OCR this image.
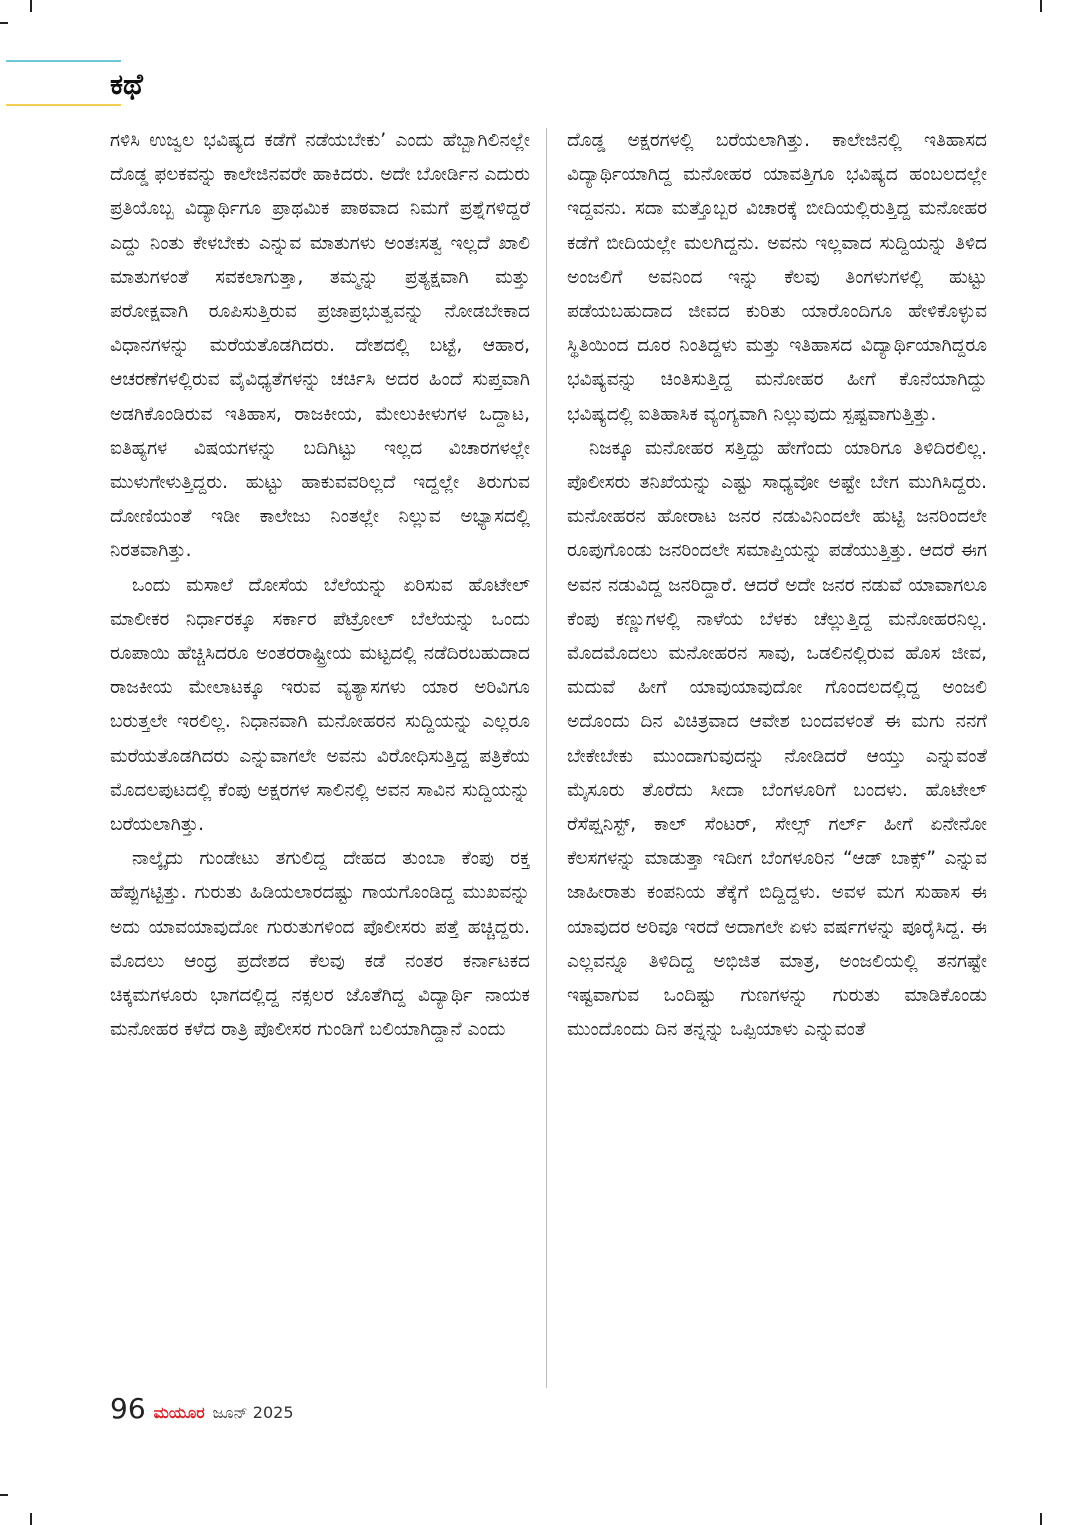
ಕಥೆ

ಗಳಿಸಿ ಉಜ್ವಲ ಭವಿಷ್ಯದ ಕಡೆಗೆ ನಡೆಯಬೇಕು’ ಎಂದು ಹೆಬ್ಬಾಗಿಲಿನಲ್ಲೇ ದೊಡ್ಡ ಫಲಕವನ್ನು ಕಾಲೇಜಿನವರೇ ಹಾಕಿದರು. ಅದೇ ಬೋರ್ಡಿನ ಎದುರು ಪ್ರತಿಯೊಬ್ಬ ವಿದ್ಯಾರ್ಥಿಗೂ ಪ್ರಾಥಮಿಕ ಪಾಠವಾದ ನಿಮಗೆ ಪ್ರಶ್ನೆಗಳಿದ್ದರೆ ಎದ್ದು ನಿಂತು ಕೇಳಬೇಕು ಎನ್ನುವ ಮಾತುಗಳು ಅಂತಃಸತ್ವ ಇಲ್ಲದೆ ಖಾಲಿ ಮಾತುಗಳಂತೆ ಸವಕಲಾಗುತ್ತಾ, ತಮ್ಮನ್ನು ಪ್ರತ್ಯಕ್ಷವಾಗಿ ಮತ್ತು ಪರೋಕ್ಷವಾಗಿ ರೂಪಿಸುತ್ತಿರುವ ಪ್ರಜಾಪ್ರಭುತ್ವವನ್ನು ನೋಡಬೇಕಾದ ವಿಧಾನಗಳನ್ನು ಮರೆಯತೊಡಗಿದರು. ದೇಶದಲ್ಲಿ ಬಟ್ಟೆ, ಆಹಾರ, ಆಚರಣೆಗಳಲ್ಲಿರುವ ವೈವಿಧ್ಯತೆಗಳನ್ನು ಚರ್ಚಿಸಿ ಅದರ ಹಿಂದೆ ಸುಪ್ತವಾಗಿ ಅಡಗಿಕೊಂಡಿರುವ ಇತಿಹಾಸ, ರಾಜಕೀಯ, ಮೇಲುಕೀಳುಗಳ ಒದ್ದಾಟ, ಐತಿಹ್ಯಗಳ ವಿಷಯಗಳನ್ನು ಬದಿಗಿಟ್ಟು ಇಲ್ಲದ ವಿಚಾರಗಳಲ್ಲೇ ಮುಳುಗೇಳುತ್ತಿದ್ದರು. ಹುಟ್ಟು ಹಾಕುವವರಿಲ್ಲದೆ ಇದ್ದಲ್ಲೇ ತಿರುಗುವ ದೋಣಿಯಂತೆ ಇಡೀ ಕಾಲೇಜು ನಿಂತಲ್ಲೇ ನಿಲ್ಲುವ ಅಭ್ಯಾಸದಲ್ಲಿ ನಿರತವಾಗಿತ್ತು.

ಒಂದು ಮಸಾಲೆ ದೋಸೆಯ ಬೆಲೆಯನ್ನು ಏರಿಸುವ ಹೊಟೇಲ್ ಮಾಲೀಕರ ನಿರ್ಧಾರಕ್ಕೂ ಸರ್ಕಾರ ಪೆಟ್ರೋಲ್ ಬೆಲೆಯನ್ನು ಒಂದು ರೂಪಾಯಿ ಹೆಚ್ಚಿಸಿದರೂ ಅಂತರರಾಷ್ಟ್ರೀಯ ಮಟ್ಟದಲ್ಲಿ ನಡೆದಿರಬಹುದಾದ ರಾಜಕೀಯ ಮೇಲಾಟಕ್ಕೂ ಇರುವ ವ್ಯತ್ಯಾಸಗಳು ಯಾರ ಅರಿವಿಗೂ ಬರುತ್ತಲೇ ಇರಲಿಲ್ಲ. ನಿಧಾನವಾಗಿ ಮನೋಹರನ ಸುದ್ದಿಯನ್ನು ಎಲ್ಲರೂ ಮರೆಯತೊಡಗಿದರು ಎನ್ನುವಾಗಲೇ ಅವನು ವಿರೋಧಿಸುತ್ತಿದ್ದ ಪತ್ರಿಕೆಯ ಮೊದಲಪುಟದಲ್ಲಿ ಕೆಂಪು ಅಕ್ಷರಗಳ ಸಾಲಿನಲ್ಲಿ ಅವನ ಸಾವಿನ ಸುದ್ದಿಯನ್ನು ಬರೆಯಲಾಗಿತ್ತು.

ನಾಲ್ಕೈದು ಗುಂಡೇಟು ತಗುಲಿದ್ದ ದೇಹದ ತುಂಬಾ ಕೆಂಪು ರಕ್ತ ಹೆಪ್ಪುಗಟ್ಟಿತ್ತು. ಗುರುತು ಹಿಡಿಯಲಾರದಷ್ಟು ಗಾಯಗೊಂಡಿದ್ದ ಮುಖವನ್ನು ಅದು ಯಾವಯಾವುದೋ ಗುರುತುಗಳಿಂದ ಪೊಲೀಸರು ಪತ್ತೆ ಹಚ್ಚಿದ್ದರು. ಮೊದಲು ಆಂಧ್ರ ಪ್ರದೇಶದ ಕೆಲವು ಕಡೆ ನಂತರ ಕರ್ನಾಟಕದ ಚಿಕ್ಕಮಗಳೂರು ಭಾಗದಲ್ಲಿದ್ದ ನಕ್ಸಲರ ಜೊತೆಗಿದ್ದ ವಿದ್ಯಾರ್ಥಿ ನಾಯಕ ಮನೋಹರ ಕಳೆದ ರಾತ್ರಿ ಪೊಲೀಸರ ಗುಂಡಿಗೆ ಬಲಿಯಾಗಿದ್ದಾನೆ ಎಂದು

ದೊಡ್ಡ ಅಕ್ಷರಗಳಲ್ಲಿ ಬರೆಯಲಾಗಿತ್ತು. ಕಾಲೇಜಿನಲ್ಲಿ ಇತಿಹಾಸದ ವಿದ್ಯಾರ್ಥಿಯಾಗಿದ್ದ ಮನೋಹರ ಯಾವತ್ತಿಗೂ ಭವಿಷ್ಯದ ಹಂಬಲದಲ್ಲೇ ಇದ್ದವನು. ಸದಾ ಮತ್ತೊಬ್ಬರ ವಿಚಾರಕ್ಕೆ ಬೀದಿಯಲ್ಲಿರುತ್ತಿದ್ದ ಮನೋಹರ ಕಡೆಗೆ ಬೀದಿಯಲ್ಲೇ ಮಲಗಿದ್ದನು. ಅವನು ಇಲ್ಲವಾದ ಸುದ್ದಿಯನ್ನು ತಿಳಿದ ಅಂಜಲಿಗೆ ಅವನಿಂದ ಇನ್ನು ಕೆಲವು ತಿಂಗಳುಗಳಲ್ಲಿ ಹುಟ್ಟು ಪಡೆಯಬಹುದಾದ ಜೀವದ ಕುರಿತು ಯಾರೊಂದಿಗೂ ಹೇಳಿಕೊಳ್ಳುವ ಸ್ಥಿತಿಯಿಂದ ದೂರ ನಿಂತಿದ್ದಳು ಮತ್ತು ಇತಿಹಾಸದ ವಿದ್ಯಾರ್ಥಿಯಾಗಿದ್ದರೂ ಭವಿಷ್ಯವನ್ನು ಚಿಂತಿಸುತ್ತಿದ್ದ ಮನೋಹರ ಹೀಗೆ ಕೊನೆಯಾಗಿದ್ದು ಭವಿಷ್ಯದಲ್ಲಿ ಐತಿಹಾಸಿಕ ವ್ಯಂಗ್ಯವಾಗಿ ನಿಲ್ಲುವುದು ಸ್ಪಷ್ಟವಾಗುತ್ತಿತ್ತು.

ನಿಜಕ್ಕೂ ಮನೋಹರ ಸತ್ತಿದ್ದು ಹೇಗೆಂದು ಯಾರಿಗೂ ತಿಳಿದಿರಲಿಲ್ಲ. ಪೊಲೀಸರು ತನಿಖೆಯನ್ನು ಎಷ್ಟು ಸಾಧ್ಯವೋ ಅಷ್ಟೇ ಬೇಗ ಮುಗಿಸಿದ್ದರು. ಮನೋಹರನ ಹೋರಾಟ ಜನರ ನಡುವಿನಿಂದಲೇ ಹುಟ್ಟಿ ಜನರಿಂದಲೇ ರೂಪುಗೊಂಡು ಜನರಿಂದಲೇ ಸಮಾಪ್ತಿಯನ್ನು ಪಡೆಯುತ್ತಿತ್ತು. ಆದರೆ ಈಗ ಅವನ ನಡುವಿದ್ದ ಜನರಿದ್ದಾರೆ. ಆದರೆ ಅದೇ ಜನರ ನಡುವೆ ಯಾವಾಗಲೂ ಕೆಂಪು ಕಣ್ಣುಗಳಲ್ಲಿ ನಾಳೆಯ ಬೆಳಕು ಚೆಲ್ಲುತ್ತಿದ್ದ ಮನೋಹರನಿಲ್ಲ. ಮೊದಮೊದಲು ಮನೋಹರನ ಸಾವು, ಒಡಲಿನಲ್ಲಿರುವ ಹೊಸ ಜೀವ, ಮದುವೆ ಹೀಗೆ ಯಾವುಯಾವುದೋ ಗೊಂದಲದಲ್ಲಿದ್ದ ಅಂಜಲಿ ಅದೊಂದು ದಿನ ವಿಚಿತ್ರವಾದ ಆವೇಶ ಬಂದವಳಂತೆ ಈ ಮಗು ನನಗೆ ಬೇಕೇಬೇಕು ಮುಂದಾಗುವುದನ್ನು ನೋಡಿದರೆ ಆಯ್ತು ಎನ್ನುವಂತೆ ಮೈಸೂರು ತೊರೆದು ಸೀದಾ ಬೆಂಗಳೂರಿಗೆ ಬಂದಳು. ಹೊಟೇಲ್ ರೆಸೆಪ್ಷನಿಸ್ಟ್, ಕಾಲ್ ಸೆಂಟರ್, ಸೇಲ್ಸ್ ಗರ್ಲ್ ಹೀಗೆ ಏನೇನೋ ಕೆಲಸಗಳನ್ನು ಮಾಡುತ್ತಾ ಇದೀಗ ಬೆಂಗಳೂರಿನ “ಆಡ್ ಬಾಕ್ಸ್” ಎನ್ನುವ ಜಾಹೀರಾತು ಕಂಪನಿಯ ತೆಕ್ಕೆಗೆ ಬಿದ್ದಿದ್ದಳು. ಅವಳ ಮಗ ಸುಹಾಸ ಈ ಯಾವುದರ ಅರಿವೂ ಇರದೆ ಅದಾಗಲೇ ಏಳು ವರ್ಷಗಳನ್ನು ಪೂರೈಸಿದ್ದ. ಈ ಎಲ್ಲವನ್ನೂ ತಿಳಿದಿದ್ದ ಅಭಿಜಿತ ಮಾತ್ರ, ಅಂಜಲಿಯಲ್ಲಿ ತನಗಷ್ಟೇ ಇಷ್ಟವಾಗುವ ಒಂದಿಷ್ಟು ಗುಣಗಳನ್ನು ಗುರುತು ಮಾಡಿಕೊಂಡು ಮುಂದೊಂದು ದಿನ ತನ್ನನ್ನು ಒಪ್ಪಿಯಾಳು ಎನ್ನುವಂತೆ

96 ಮಯೂರ ಜೂನ್ 2025
